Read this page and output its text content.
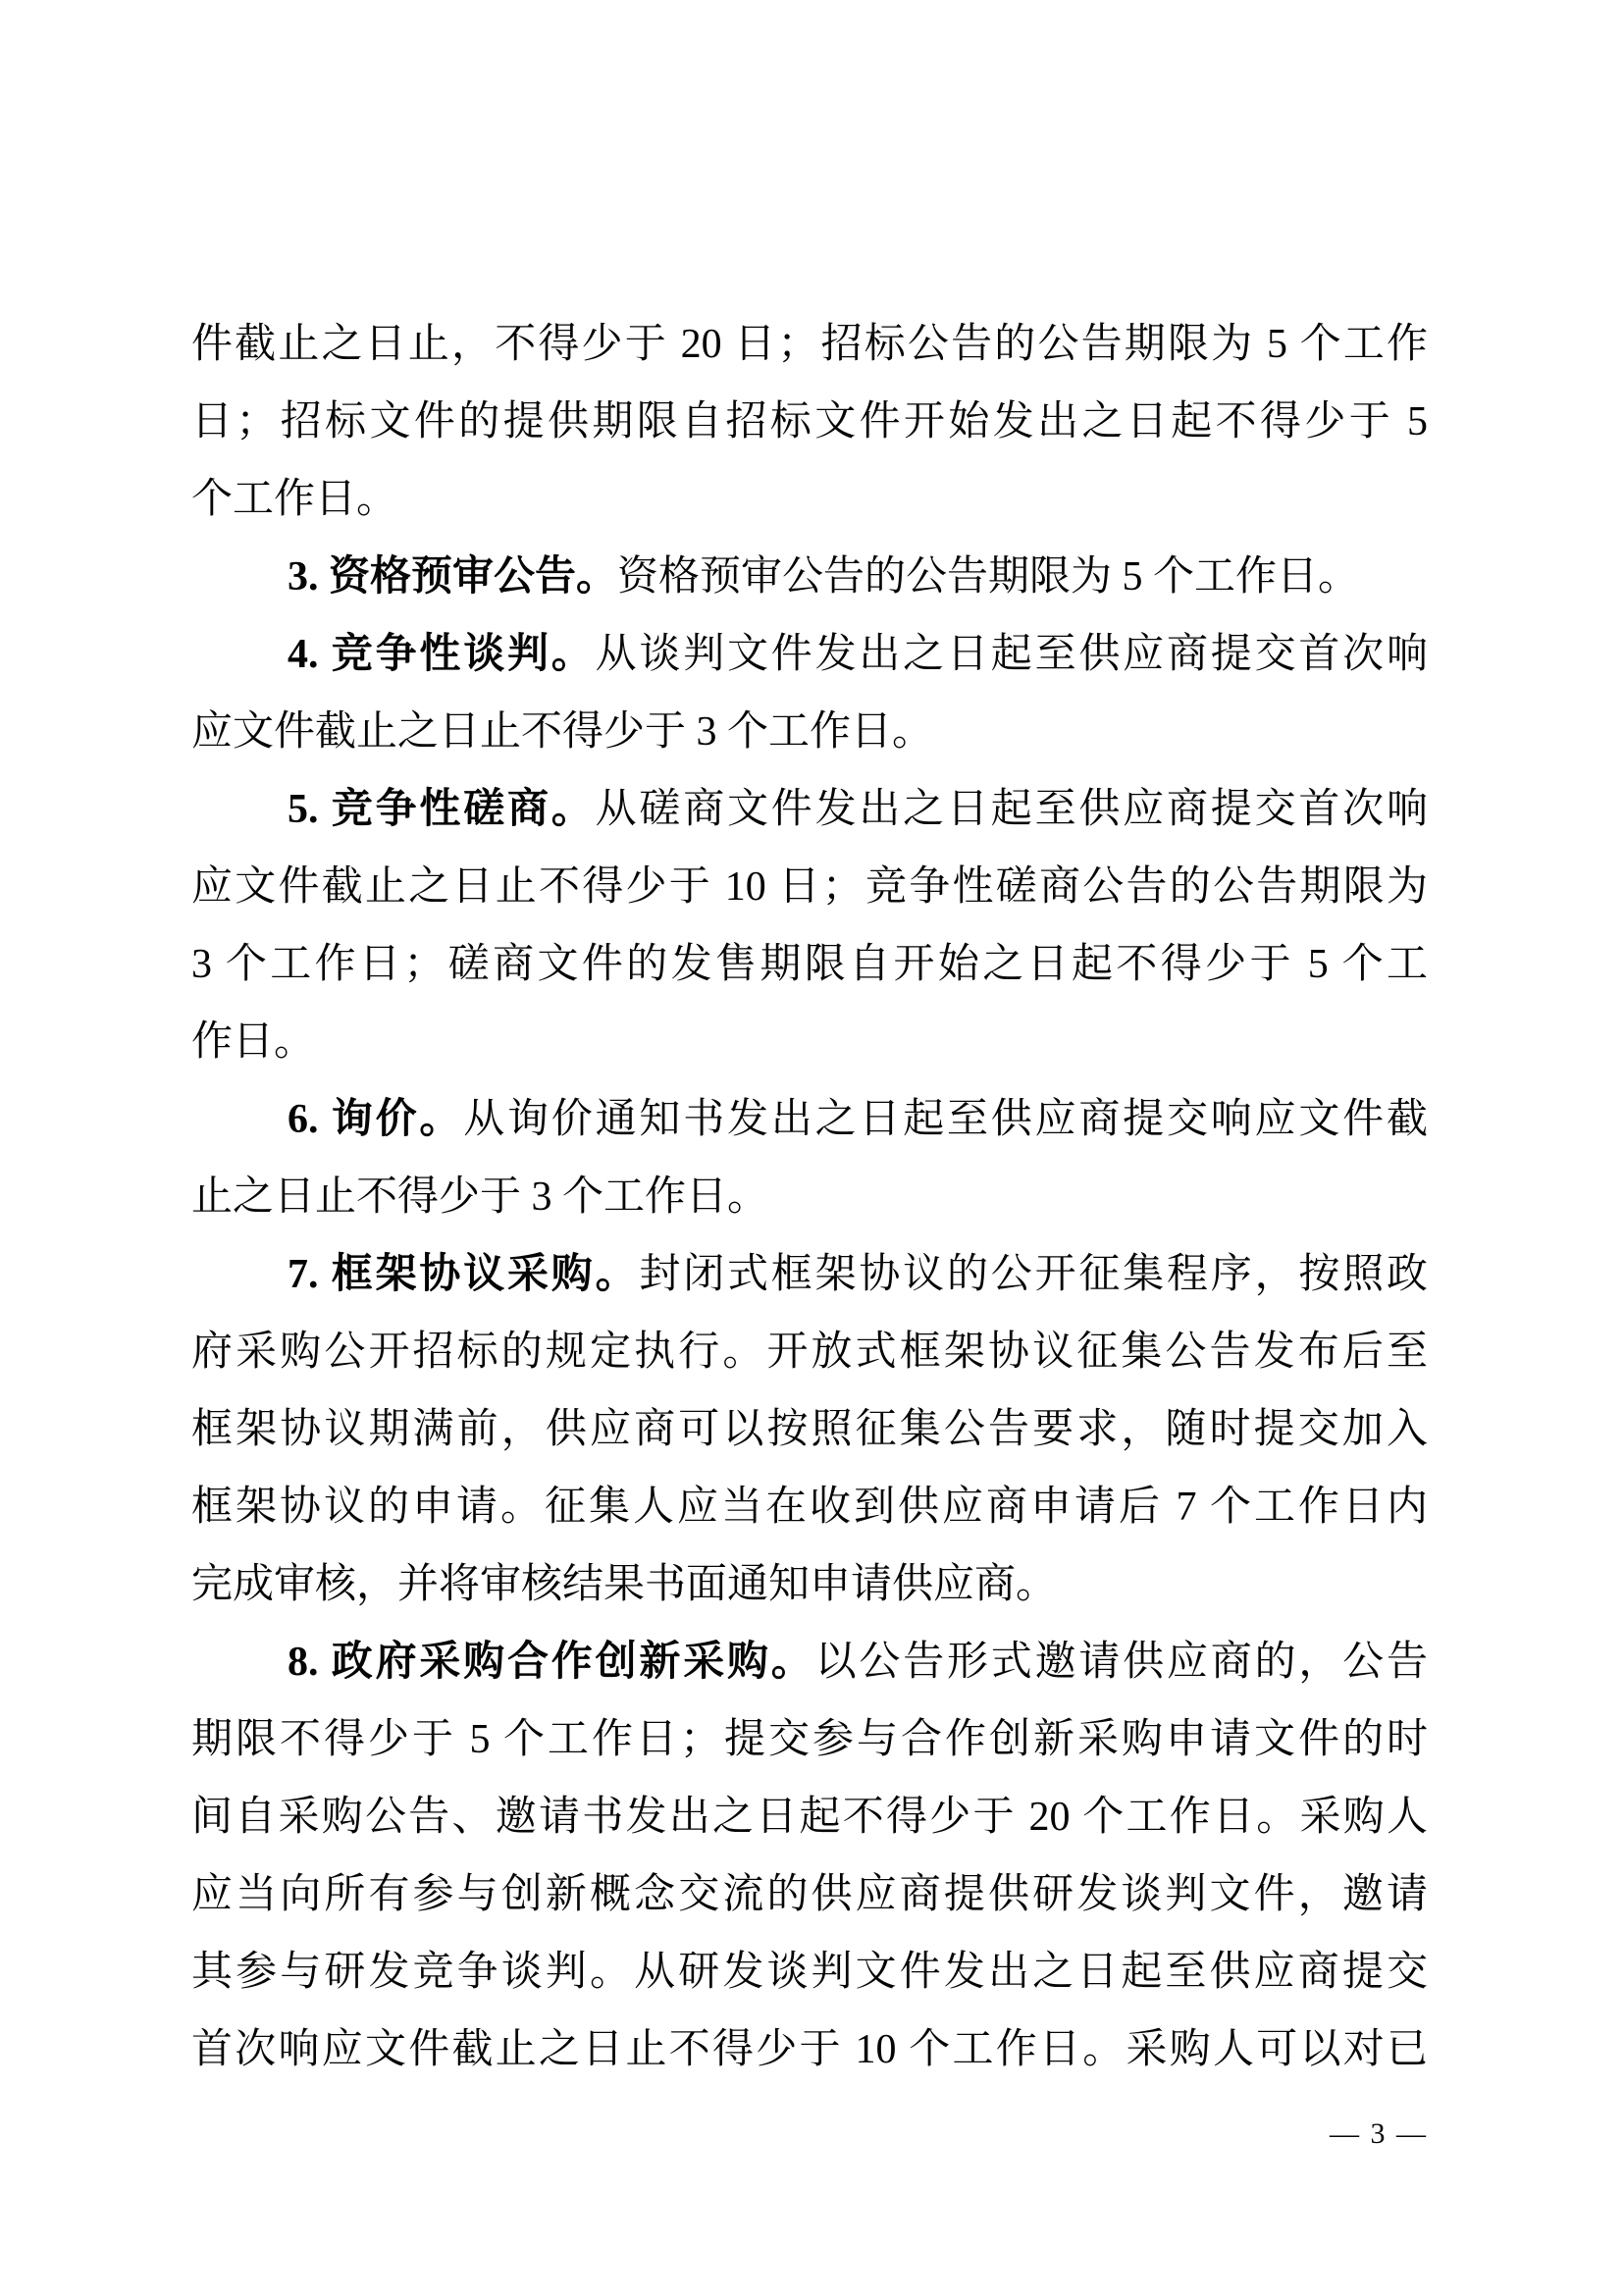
件截止之日止，不得少于 20 日；招标公告的公告期限为 5 个工作
日；招标文件的提供期限自招标文件开始发出之日起不得少于 5
个工作日。
3. 资格预审公告。资格预审公告的公告期限为 5 个工作日。
4. 竞争性谈判。从谈判文件发出之日起至供应商提交首次响
应文件截止之日止不得少于 3 个工作日。
5. 竞争性磋商。从磋商文件发出之日起至供应商提交首次响
应文件截止之日止不得少于 10 日；竞争性磋商公告的公告期限为
3 个工作日；磋商文件的发售期限自开始之日起不得少于 5 个工
作日。
6. 询价。从询价通知书发出之日起至供应商提交响应文件截
止之日止不得少于 3 个工作日。
7. 框架协议采购。封闭式框架协议的公开征集程序，按照政
府采购公开招标的规定执行。开放式框架协议征集公告发布后至
框架协议期满前，供应商可以按照征集公告要求，随时提交加入
框架协议的申请。征集人应当在收到供应商申请后 7 个工作日内
完成审核，并将审核结果书面通知申请供应商。
8. 政府采购合作创新采购。以公告形式邀请供应商的，公告
期限不得少于 5 个工作日；提交参与合作创新采购申请文件的时
间自采购公告、邀请书发出之日起不得少于 20 个工作日。采购人
应当向所有参与创新概念交流的供应商提供研发谈判文件，邀请
其参与研发竞争谈判。从研发谈判文件发出之日起至供应商提交
首次响应文件截止之日止不得少于 10 个工作日。采购人可以对已
— 3 —
